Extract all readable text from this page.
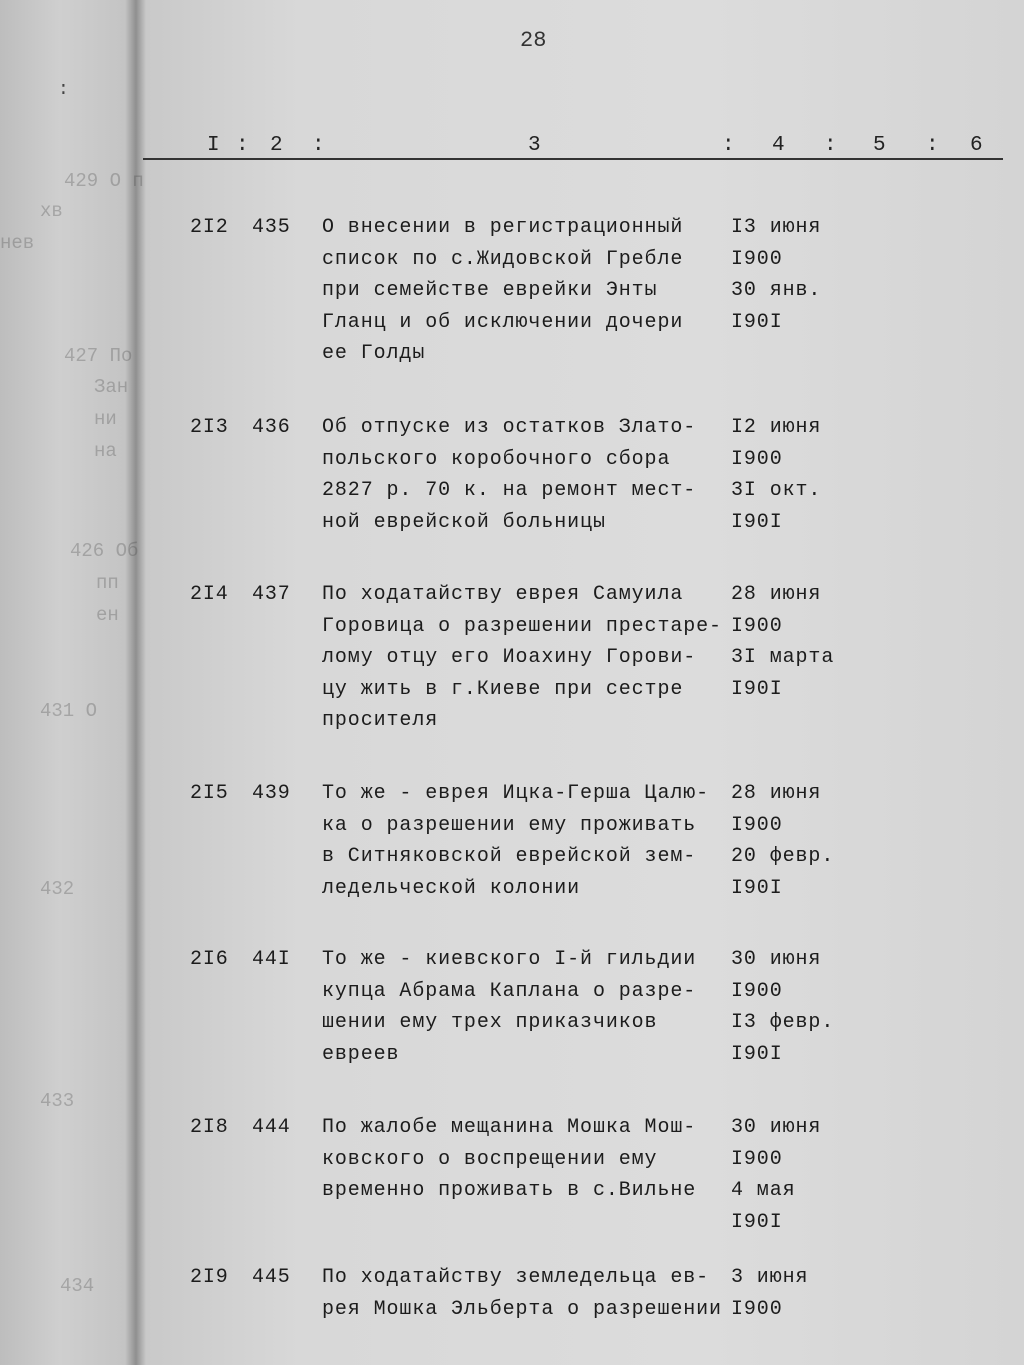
:
429 О п
хв
нев
427 По
Зан
ни
на
426 Об
пп
ен
431 О
432
433
434
28
I : 2 :	3	: 4 : 5 : 6
2I2 435 О внесении в регистрационный
список по с.Жидовской Гребле
при семействе еврейки Энты
Гланц и об исключении дочери
ее Голды
I3 июня
I900
30 янв.
I90I
2I3 436 Об отпуске из остатков Злато-
польского коробочного сбора
2827 р. 70 к. на ремонт мест-
ной еврейской больницы
I2 июня
I900
3I окт.
I90I
2I4 437 По ходатайству еврея Самуила
Горовица о разрешении престаре-
лому отцу его Иоахину Горови-
цу жить в г.Киеве при сестре
просителя
28 июня
I900
3I марта
I90I
2I5 439 То же - еврея Ицка-Герша Цалю-
ка о разрешении ему проживать
в Ситняковской еврейской зем-
ледельческой колонии
28 июня
I900
20 февр.
I90I
2I6 44I То же - киевского I-й гильдии
купца Абрама Каплана о разре-
шении ему трех приказчиков
евреев
30 июня
I900
I3 февр.
I90I
2I8 444 По жалобе мещанина Мошка Мош-
ковского о воспрещении ему
временно проживать в с.Вильне
30 июня
I900
4 мая
I90I
2I9 445 По ходатайству земледельца ев-
рея Мошка Эльберта о разрешении
3 июня
I900
